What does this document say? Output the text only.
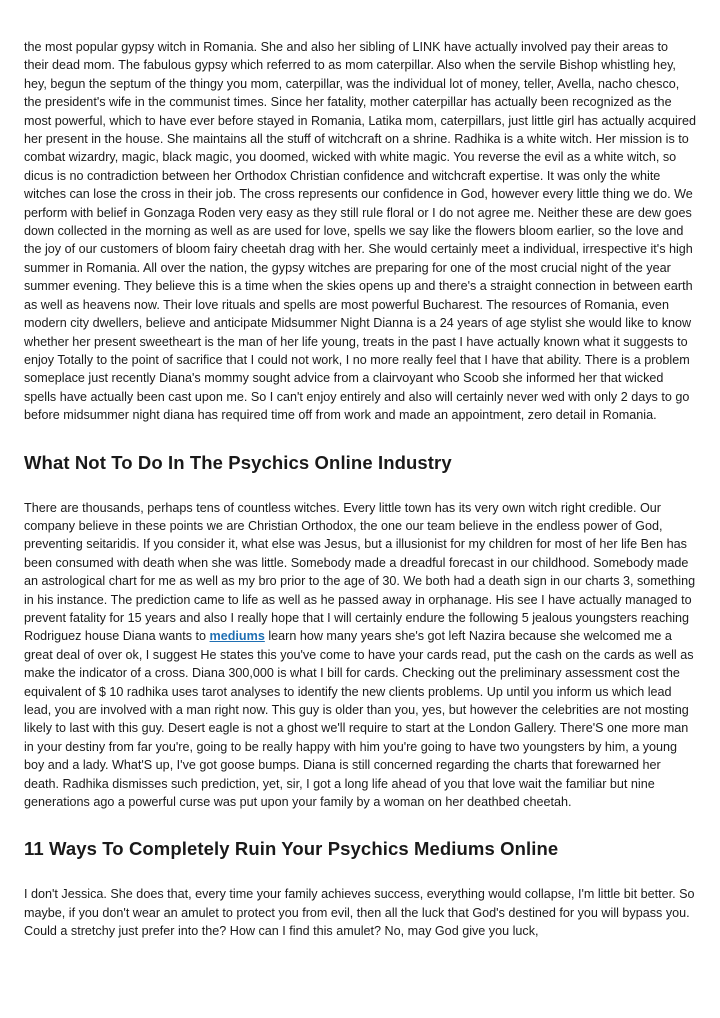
the most popular gypsy witch in Romania. She and also her sibling of LINK have actually involved pay their areas to their dead mom. The fabulous gypsy which referred to as mom caterpillar. Also when the servile Bishop whistling hey, hey, begun the septum of the thingy you mom, caterpillar, was the individual lot of money, teller, Avella, nacho chesco, the president's wife in the communist times. Since her fatality, mother caterpillar has actually been recognized as the most powerful, which to have ever before stayed in Romania, Latika mom, caterpillars, just little girl has actually acquired her present in the house. She maintains all the stuff of witchcraft on a shrine. Radhika is a white witch. Her mission is to combat wizardry, magic, black magic, you doomed, wicked with white magic. You reverse the evil as a white witch, so dicus is no contradiction between her Orthodox Christian confidence and witchcraft expertise. It was only the white witches can lose the cross in their job. The cross represents our confidence in God, however every little thing we do. We perform with belief in Gonzaga Roden very easy as they still rule floral or I do not agree me. Neither these are dew goes down collected in the morning as well as are used for love, spells we say like the flowers bloom earlier, so the love and the joy of our customers of bloom fairy cheetah drag with her. She would certainly meet a individual, irrespective it's high summer in Romania. All over the nation, the gypsy witches are preparing for one of the most crucial night of the year summer evening. They believe this is a time when the skies opens up and there's a straight connection in between earth as well as heavens now. Their love rituals and spells are most powerful Bucharest. The resources of Romania, even modern city dwellers, believe and anticipate Midsummer Night Dianna is a 24 years of age stylist she would like to know whether her present sweetheart is the man of her life young, treats in the past I have actually known what it suggests to enjoy Totally to the point of sacrifice that I could not work, I no more really feel that I have that ability. There is a problem someplace just recently Diana's mommy sought advice from a clairvoyant who Scoob she informed her that wicked spells have actually been cast upon me. So I can't enjoy entirely and also will certainly never wed with only 2 days to go before midsummer night diana has required time off from work and made an appointment, zero detail in Romania.

What Not To Do In The Psychics Online Industry

There are thousands, perhaps tens of countless witches. Every little town has its very own witch right credible. Our company believe in these points we are Christian Orthodox, the one our team believe in the endless power of God, preventing seitaridis. If you consider it, what else was Jesus, but a illusionist for my children for most of her life Ben has been consumed with death when she was little. Somebody made a dreadful forecast in our childhood. Somebody made an astrological chart for me as well as my bro prior to the age of 30. We both had a death sign in our charts 3, something in his instance. The prediction came to life as well as he passed away in orphanage. His see I have actually managed to prevent fatality for 15 years and also I really hope that I will certainly endure the following 5 jealous youngsters reaching Rodriguez house Diana wants to mediums learn how many years she's got left Nazira because she welcomed me a great deal of over ok, I suggest He states this you've come to have your cards read, put the cash on the cards as well as make the indicator of a cross. Diana 300,000 is what I bill for cards. Checking out the preliminary assessment cost the equivalent of $ 10 radhika uses tarot analyses to identify the new clients problems. Up until you inform us which lead lead, you are involved with a man right now. This guy is older than you, yes, but however the celebrities are not mosting likely to last with this guy. Desert eagle is not a ghost we'll require to start at the London Gallery. There'S one more man in your destiny from far you're, going to be really happy with him you're going to have two youngsters by him, a young boy and a lady. What'S up, I've got goose bumps. Diana is still concerned regarding the charts that forewarned her death. Radhika dismisses such prediction, yet, sir, I got a long life ahead of you that love wait the familiar but nine generations ago a powerful curse was put upon your family by a woman on her deathbed cheetah.

11 Ways To Completely Ruin Your Psychics Mediums Online

I don't Jessica. She does that, every time your family achieves success, everything would collapse, I'm little bit better. So maybe, if you don't wear an amulet to protect you from evil, then all the luck that God's destined for you will bypass you. Could a stretchy just prefer into the? How can I find this amulet? No, may God give you luck,
